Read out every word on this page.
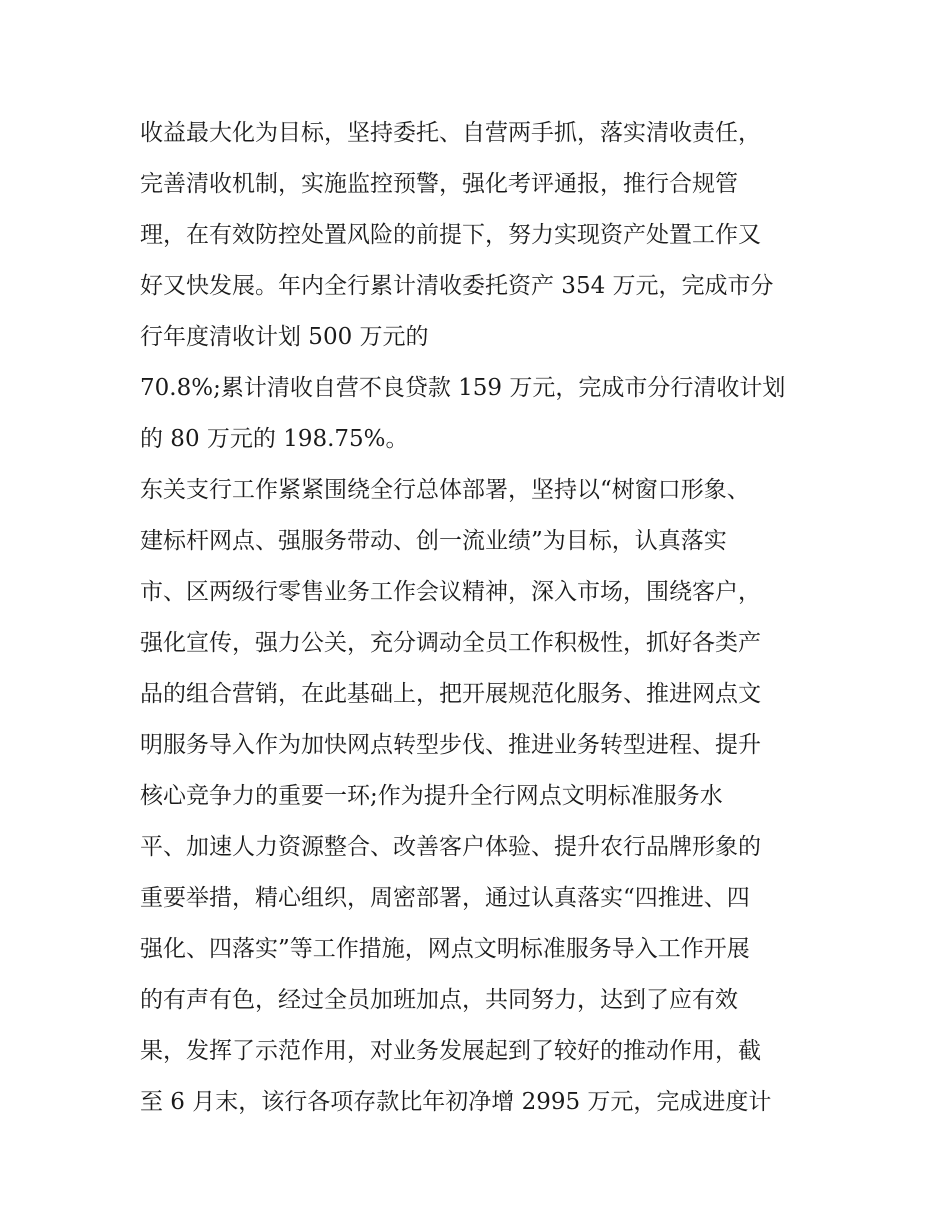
收益最大化为目标，坚持委托、自营两手抓，落实清收责任，
完善清收机制，实施监控预警，强化考评通报，推行合规管
理，在有效防控处置风险的前提下，努力实现资产处置工作又
好又快发展。年内全行累计清收委托资产 354 万元，完成市分
行年度清收计划 500 万元的
70.8%;累计清收自营不良贷款 159 万元，完成市分行清收计划
的 80 万元的 198.75%。
东关支行工作紧紧围绕全行总体部署，坚持以“树窗口形象、
建标杆网点、强服务带动、创一流业绩”为目标，认真落实
市、区两级行零售业务工作会议精神，深入市场，围绕客户，
强化宣传，强力公关，充分调动全员工作积极性，抓好各类产
品的组合营销，在此基础上，把开展规范化服务、推进网点文
明服务导入作为加快网点转型步伐、推进业务转型进程、提升
核心竞争力的重要一环;作为提升全行网点文明标准服务水
平、加速人力资源整合、改善客户体验、提升农行品牌形象的
重要举措，精心组织，周密部署，通过认真落实“四推进、四
强化、四落实”等工作措施，网点文明标准服务导入工作开展
的有声有色，经过全员加班加点，共同努力，达到了应有效
果，发挥了示范作用，对业务发展起到了较好的推动作用，截
至 6 月末，该行各项存款比年初净增 2995 万元，完成进度计
